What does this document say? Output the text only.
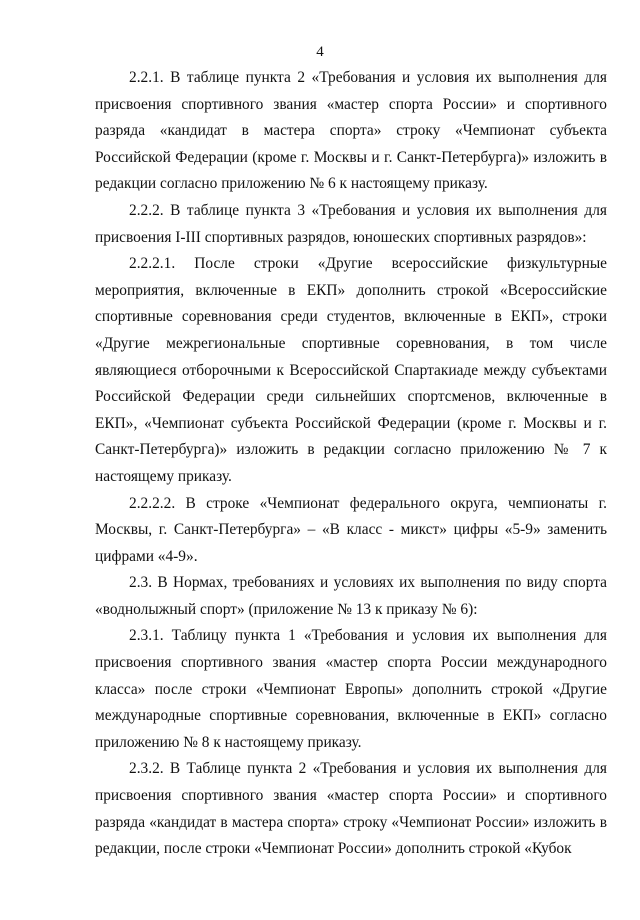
4

2.2.1. В таблице пункта 2 «Требования и условия их выполнения для присвоения спортивного звания «мастер спорта России» и спортивного разряда «кандидат в мастера спорта» строку «Чемпионат субъекта Российской Федерации (кроме г. Москвы и г. Санкт-Петербурга)» изложить в редакции согласно приложению № 6 к настоящему приказу.

2.2.2. В таблице пункта 3 «Требования и условия их выполнения для присвоения I-III спортивных разрядов, юношеских спортивных разрядов»:

2.2.2.1. После строки «Другие всероссийские физкультурные мероприятия, включенные в ЕКП» дополнить строкой «Всероссийские спортивные соревнования среди студентов, включенные в ЕКП», строки «Другие межрегиональные спортивные соревнования, в том числе являющиеся отборочными к Всероссийской Спартакиаде между субъектами Российской Федерации среди сильнейших спортсменов, включенные в ЕКП», «Чемпионат субъекта Российской Федерации (кроме г. Москвы и г. Санкт-Петербурга)» изложить в редакции согласно приложению № 7 к настоящему приказу.

2.2.2.2. В строке «Чемпионат федерального округа, чемпионаты г. Москвы, г. Санкт-Петербурга» – «В класс - микст» цифры «5-9» заменить цифрами «4-9».

2.3. В Нормах, требованиях и условиях их выполнения по виду спорта «воднолыжный спорт» (приложение № 13 к приказу № 6):

2.3.1. Таблицу пункта 1 «Требования и условия их выполнения для присвоения спортивного звания «мастер спорта России международного класса» после строки «Чемпионат Европы» дополнить строкой «Другие международные спортивные соревнования, включенные в ЕКП» согласно приложению № 8 к настоящему приказу.

2.3.2. В Таблице пункта 2 «Требования и условия их выполнения для присвоения спортивного звания «мастер спорта России» и спортивного разряда «кандидат в мастера спорта» строку «Чемпионат России» изложить в редакции, после строки «Чемпионат России» дополнить строкой «Кубок
